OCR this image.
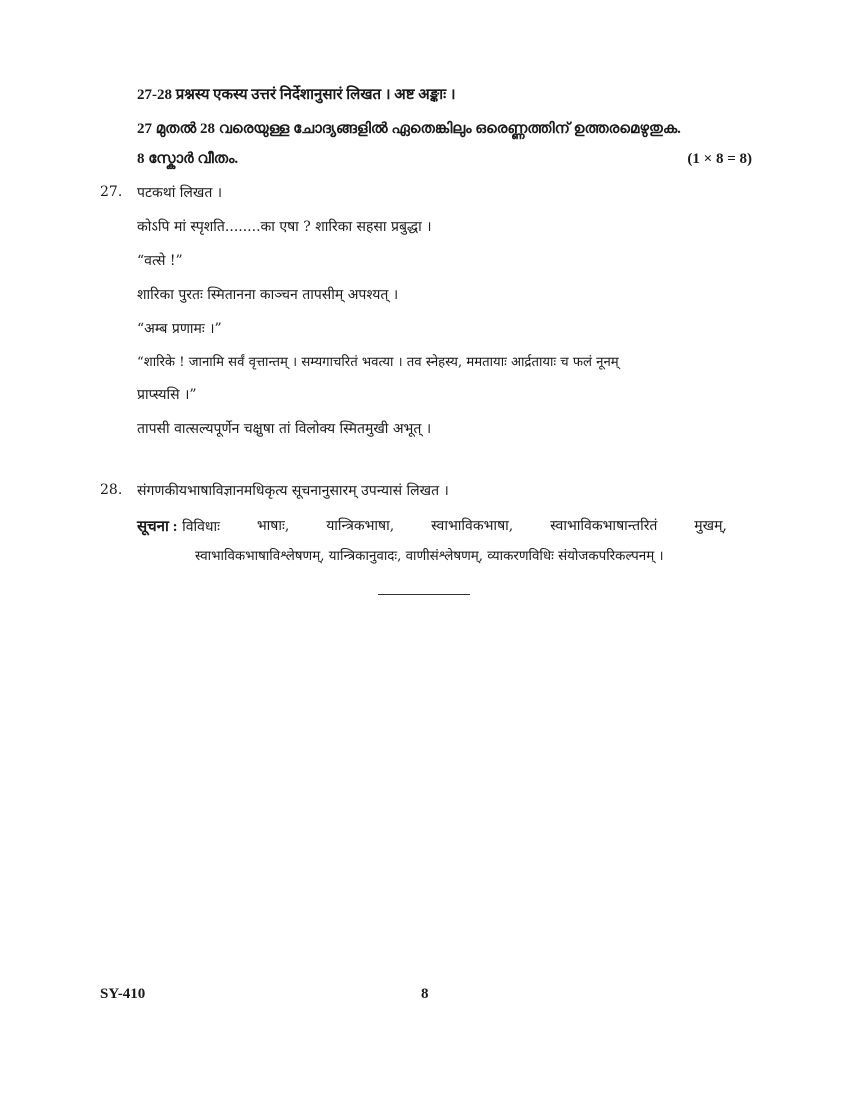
27-28 प्रश्नस्य एकस्य उत्तरं निर्देशानुसारं लिखत । अष्ट अङ्काः ।
27 മുതൽ 28 വരെയുള്ള ചോദ്യങ്ങളിൽ ഏതെങ്കിലും ഒരെണ്ണത്തിന് ഉത്തരമെഴുതുക.
8 സ്കോർ വീതം.	(1 × 8 = 8)
27. पटकथां लिखत ।
कोऽपि मां स्पृशति........का एषा ? शारिका सहसा प्रबुद्धा ।
“वत्से !”
शारिका पुरतः स्मितानना काञ्चन तापसीम् अपश्यत् ।
“अम्ब प्रणामः ।”
“शारिके ! जानामि सर्वं वृत्तान्तम् । सम्यगाचरितं भवत्या । तव स्नेहस्य, ममतायाः आर्द्रतायाः च फलं नूनम्
प्राप्स्यसि ।”
तापसी वात्सल्यपूर्णेन चक्षुषा तां विलोक्य स्मितमुखी अभूत् ।
28. संगणकीयभाषाविज्ञानमधिकृत्य सूचनानुसारम् उपन्यासं लिखत ।
सूचना : विविधाः	भाषाः,	यान्त्रिकभाषा,	स्वाभाविकभाषा,	स्वाभाविकभाषान्तरितं	मुखम्,
स्वाभाविकभाषाविश्लेषणम्, यान्त्रिकानुवादः, वाणीसंश्लेषणम्, व्याकरणविधिः संयोजकपरिकल्पनम् ।
SY-410	8
